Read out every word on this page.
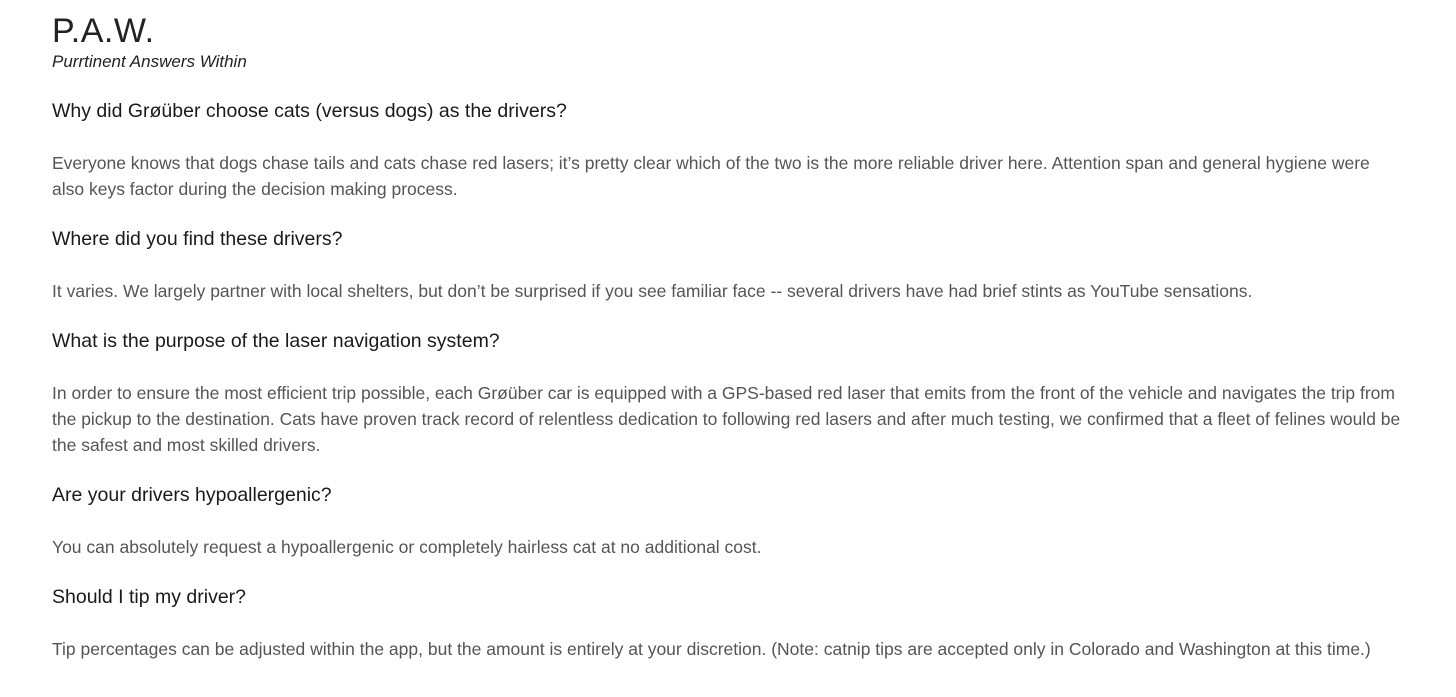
P.A.W.
Purrtinent Answers Within
Why did Grøüber choose cats (versus dogs) as the drivers?

Everyone knows that dogs chase tails and cats chase red lasers; it’s pretty clear which of the two is the more reliable driver here. Attention span and general hygiene were also keys factor during the decision making process.

Where did you find these drivers?

It varies. We largely partner with local shelters, but don’t be surprised if you see familiar face -- several drivers have had brief stints as YouTube sensations.

What is the purpose of the laser navigation system?

In order to ensure the most efficient trip possible, each Grøüber car is equipped with a GPS-based red laser that emits from the front of the vehicle and navigates the trip from the pickup to the destination. Cats have proven track record of relentless dedication to following red lasers and after much testing, we confirmed that a fleet of felines would be the safest and most skilled drivers.

Are your drivers hypoallergenic?

You can absolutely request a hypoallergenic or completely hairless cat at no additional cost.

Should I tip my driver?

Tip percentages can be adjusted within the app, but the amount is entirely at your discretion. (Note: catnip tips are accepted only in Colorado and Washington at this time.)
